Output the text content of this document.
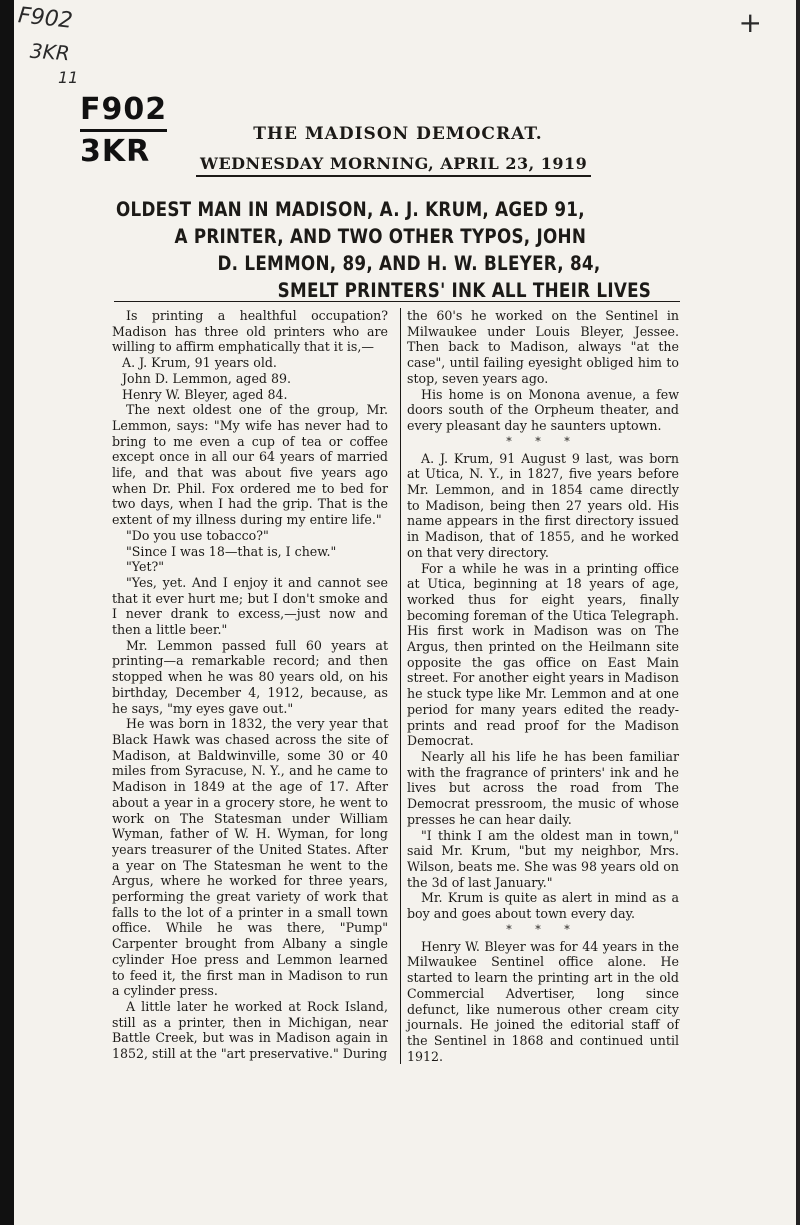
F902
3KR
11
+
F902
3KR	THE MADISON DEMOCRAT.
WEDNESDAY MORNING, APRIL 23, 1919
OLDEST MAN IN MADISON, A. J. KRUM, AGED 91,
A PRINTER, AND TWO OTHER TYPOS, JOHN
D. LEMMON, 89, AND H. W. BLEYER, 84,
SMELT PRINTERS' INK ALL THEIR LIVES

Is printing a healthful occupation? Madison has three old printers who are willing to affirm emphatically that it is,—

A. J. Krum, 91 years old.

John D. Lemmon, aged 89.

Henry W. Bleyer, aged 84.

The next oldest one of the group, Mr. Lemmon, says: "My wife has never had to bring to me even a cup of tea or coffee except once in all our 64 years of married life, and that was about five years ago when Dr. Phil. Fox ordered me to bed for two days, when I had the grip. That is the extent of my illness during my entire life."

"Do you use tobacco?"

"Since I was 18—that is, I chew."

"Yet?"

"Yes, yet. And I enjoy it and cannot see that it ever hurt me; but I don't smoke and I never drank to excess,—just now and then a little beer."

Mr. Lemmon passed full 60 years at printing—a remarkable record; and then stopped when he was 80 years old, on his birthday, December 4, 1912, because, as he says, "my eyes gave out."

He was born in 1832, the very year that Black Hawk was chased across the site of Madison, at Baldwinville, some 30 or 40 miles from Syracuse, N. Y., and he came to Madison in 1849 at the age of 17. After about a year in a grocery store, he went to work on The Statesman under William Wyman, father of W. H. Wyman, for long years treasurer of the United States. After a year on The Statesman he went to the Argus, where he worked for three years, performing the great variety of work that falls to the lot of a printer in a small town office. While he was there, "Pump" Carpenter brought from Albany a single cylinder Hoe press and Lemmon learned to feed it, the first man in Madison to run a cylinder press.

A little later he worked at Rock Island, still as a printer, then in Michigan, near Battle Creek, but was in Madison again in 1852, still at the "art preservative." During

the 60's he worked on the Sentinel in Milwaukee under Louis Bleyer, Jessee. Then back to Madison, always "at the case", until failing eyesight obliged him to stop, seven years ago.

His home is on Monona avenue, a few doors south of the Orpheum theater, and every pleasant day he saunters uptown.

* * *

A. J. Krum, 91 August 9 last, was born at Utica, N. Y., in 1827, five years before Mr. Lemmon, and in 1854 came directly to Madison, being then 27 years old. His name appears in the first directory issued in Madison, that of 1855, and he worked on that very directory.

For a while he was in a printing office at Utica, beginning at 18 years of age, worked thus for eight years, finally becoming foreman of the Utica Telegraph. His first work in Madison was on The Argus, then printed on the Heilmann site opposite the gas office on East Main street. For another eight years in Madison he stuck type like Mr. Lemmon and at one period for many years edited the ready-prints and read proof for the Madison Democrat.

Nearly all his life he has been familiar with the fragrance of printers' ink and he lives but across the road from The Democrat pressroom, the music of whose presses he can hear daily.

"I think I am the oldest man in town," said Mr. Krum, "but my neighbor, Mrs. Wilson, beats me. She was 98 years old on the 3d of last January."

Mr. Krum is quite as alert in mind as a boy and goes about town every day.

* * *

Henry W. Bleyer was for 44 years in the Milwaukee Sentinel office alone. He started to learn the printing art in the old Commercial Advertiser, long since defunct, like numerous other cream city journals. He joined the editorial staff of the Sentinel in 1868 and continued until 1912.
